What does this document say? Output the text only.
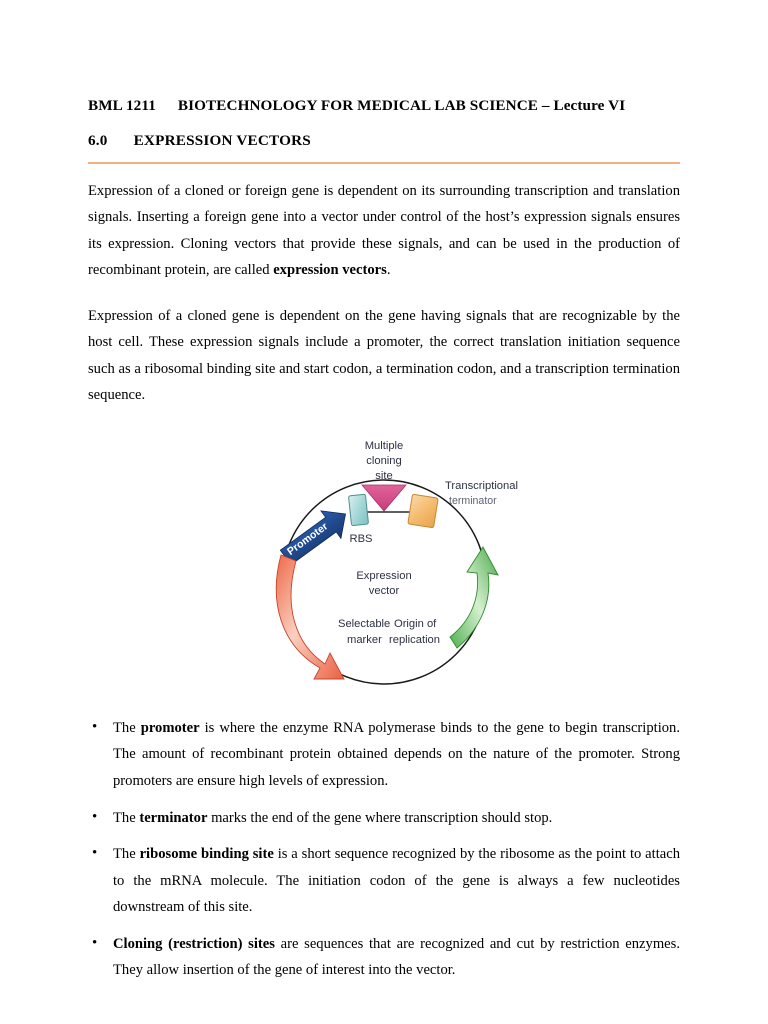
BML 1211 BIOTECHNOLOGY FOR MEDICAL LAB SCIENCE – Lecture VI
6.0 EXPRESSION VECTORS

Expression of a cloned or foreign gene is dependent on its surrounding transcription and translation signals. Inserting a foreign gene into a vector under control of the host’s expression signals ensures its expression. Cloning vectors that provide these signals, and can be used in the production of recombinant protein, are called expression vectors.

Expression of a cloned gene is dependent on the gene having signals that are recognizable by the host cell. These expression signals include a promoter, the correct translation initiation sequence such as a ribosomal binding site and start codon, a termination codon, and a transcription termination sequence.

Multiple
cloning
site
RBS
Transcriptional
terminator
Promoter
Selectable
marker
Origin of
replication
Expression
vector
• The promoter is where the enzyme RNA polymerase binds to the gene to begin transcription. The amount of recombinant protein obtained depends on the nature of the promoter. Strong promoters are ensure high levels of expression.
• The terminator marks the end of the gene where transcription should stop.
• The ribosome binding site is a short sequence recognized by the ribosome as the point to attach to the mRNA molecule. The initiation codon of the gene is always a few nucleotides downstream of this site.
• Cloning (restriction) sites are sequences that are recognized and cut by restriction enzymes. They allow insertion of the gene of interest into the vector.
